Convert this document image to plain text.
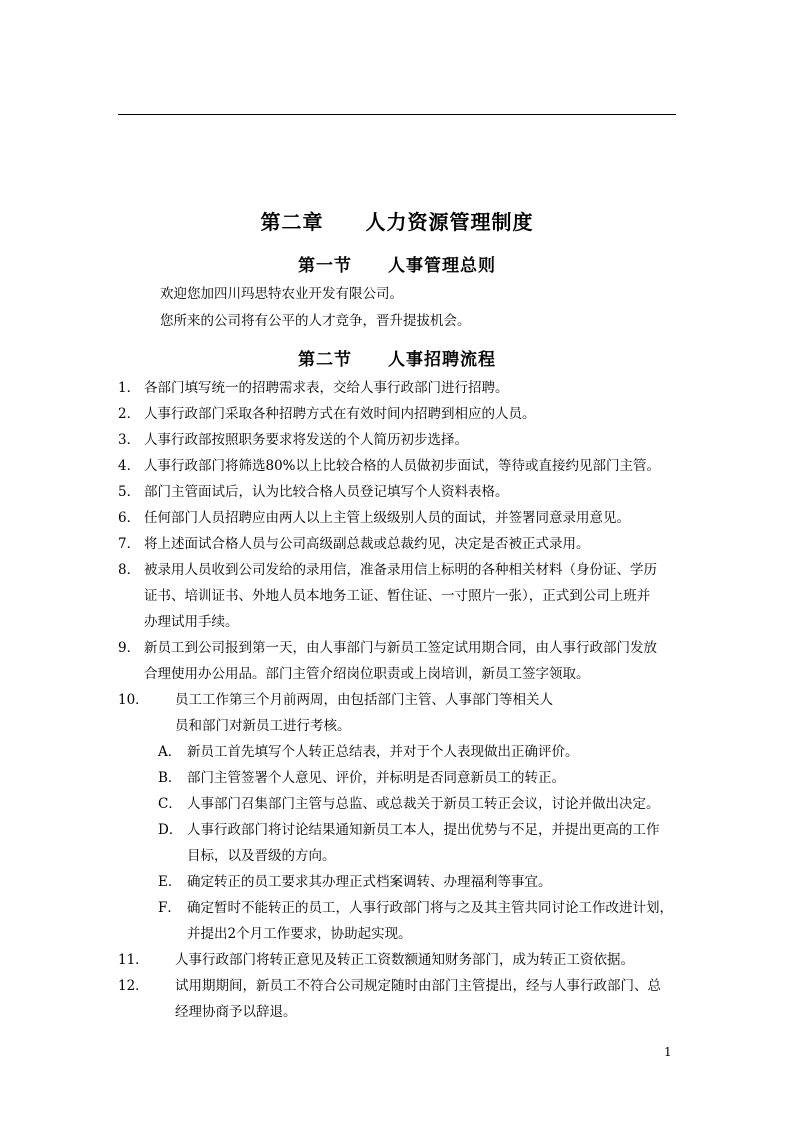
第二章　　人力资源管理制度
第一节　　人事管理总则
欢迎您加四川玛思特农业开发有限公司。
您所来的公司将有公平的人才竞争，晋升提拔机会。
第二节　　人事招聘流程
1． 各部门填写统一的招聘需求表，交给人事行政部门进行招聘。
2． 人事行政部门采取各种招聘方式在有效时间内招聘到相应的人员。
3． 人事行政部按照职务要求将发送的个人简历初步选择。
4． 人事行政部门将筛选80%以上比较合格的人员做初步面试，等待或直接约见部门主管。
5． 部门主管面试后，认为比较合格人员登记填写个人资料表格。
6． 任何部门人员招聘应由两人以上主管上级级别人员的面试，并签署同意录用意见。
7． 将上述面试合格人员与公司高级副总裁或总裁约见，决定是否被正式录用。
8． 被录用人员收到公司发给的录用信，准备录用信上标明的各种相关材料（身份证、学历
证书、培训证书、外地人员本地务工证、暂住证、一寸照片一张），正式到公司上班并
办理试用手续。
9． 新员工到公司报到第一天，由人事部门与新员工签定试用期合同，由人事行政部门发放
合理使用办公用品。部门主管介绍岗位职责或上岗培训，新员工签字领取。
10． 员工工作第三个月前两周，由包括部门主管、人事部门等相关人
员和部门对新员工进行考核。
A． 新员工首先填写个人转正总结表，并对于个人表现做出正确评价。
B． 部门主管签署个人意见、评价，并标明是否同意新员工的转正。
C． 人事部门召集部门主管与总监、或总裁关于新员工转正会议，讨论并做出决定。
D． 人事行政部门将讨论结果通知新员工本人，提出优势与不足，并提出更高的工作
目标，以及晋级的方向。
E． 确定转正的员工要求其办理正式档案调转、办理福利等事宜。
F． 确定暂时不能转正的员工，人事行政部门将与之及其主管共同讨论工作改进计划，
并提出2个月工作要求，协助起实现。
11． 人事行政部门将转正意见及转正工资数额通知财务部门，成为转正工资依据。
12． 试用期期间，新员工不符合公司规定随时由部门主管提出，经与人事行政部门、总
经理协商予以辞退。
1
